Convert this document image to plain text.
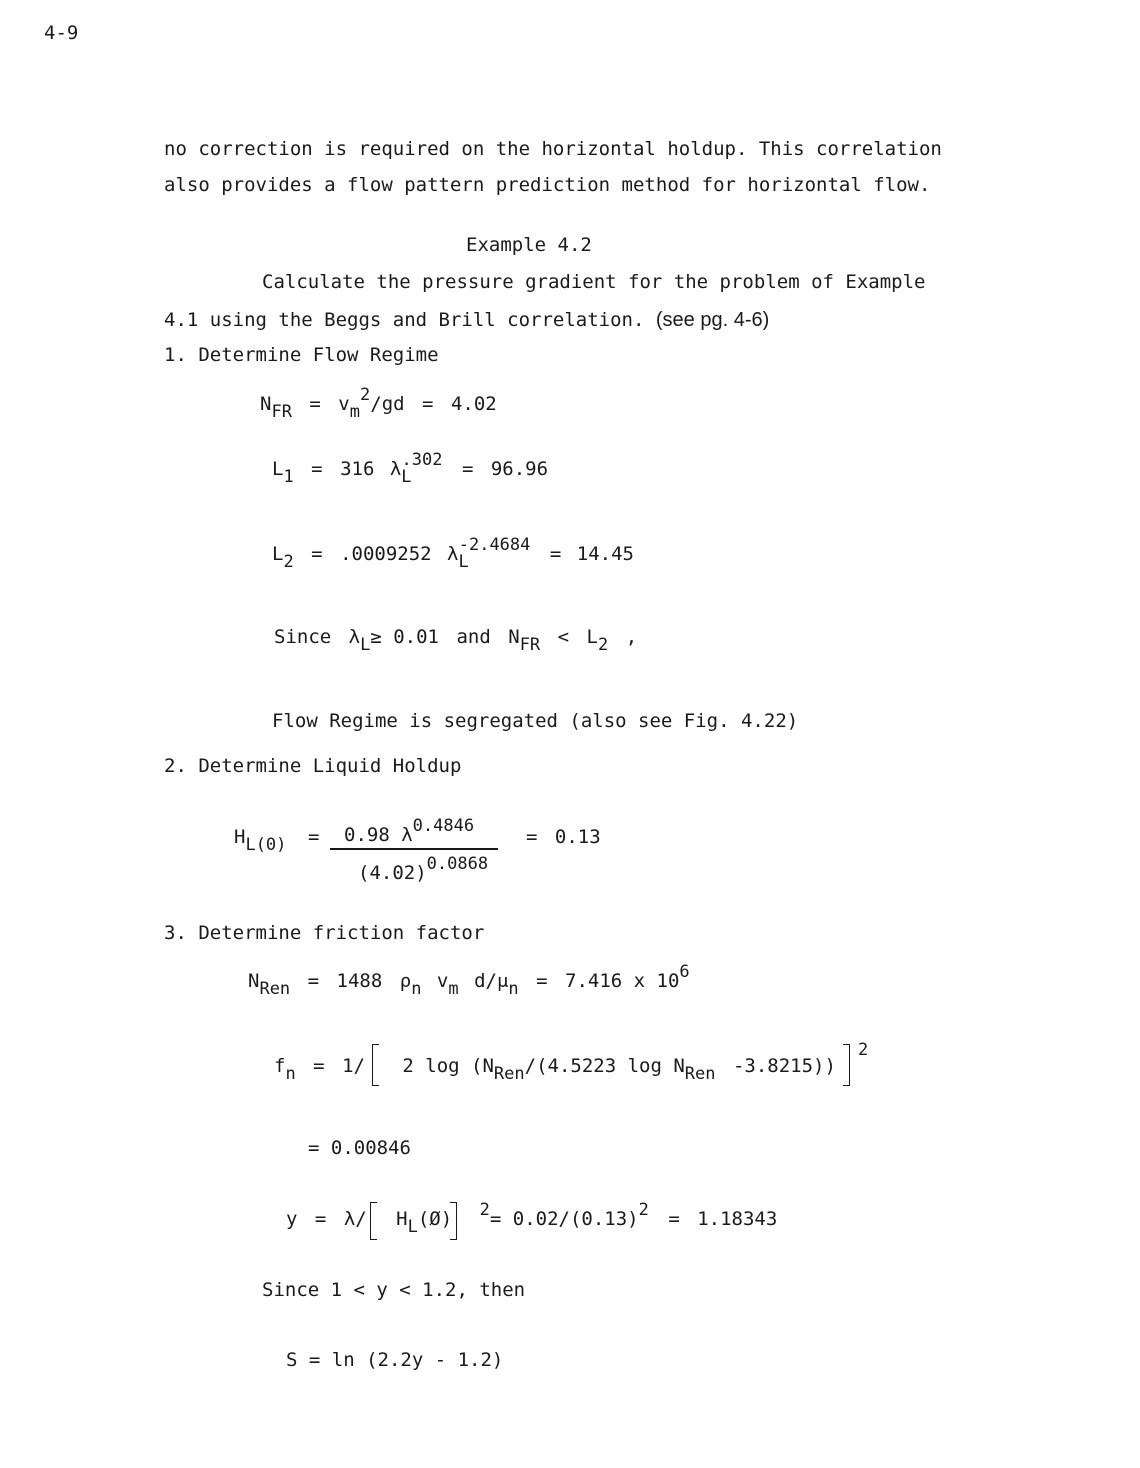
4-9
no correction is required on the horizontal holdup. This correlation
also provides a flow pattern prediction method for horizontal flow.
Example 4.2
Calculate the pressure gradient for the problem of Example
4.1 using the Beggs and Brill correlation. (see pg. 4-6)
1. Determine Flow Regime
NFR = vm2/gd = 4.02
L1 = 316 λL.302 = 96.96
L2 = .0009252 λL-2.4684 = 14.45
Since λL≥ 0.01 and NFR < L2 ,
Flow Regime is segregated (also see Fig. 4.22)
2. Determine Liquid Holdup
HL(0) = 0.98 λ0.4846
(4.02)0.0868
= 0.13
3. Determine friction factor
NRen = 1488 ρn vm d/μn = 7.416 x 106
fn = 1/ 2 log (NRen/(4.5223 log NRen -3.8215))
2
= 0.00846
y = λ/ HL(Ø) 2= 0.02/(0.13)2 = 1.18343
Since 1 < y < 1.2, then
S = ln (2.2y - 1.2)
